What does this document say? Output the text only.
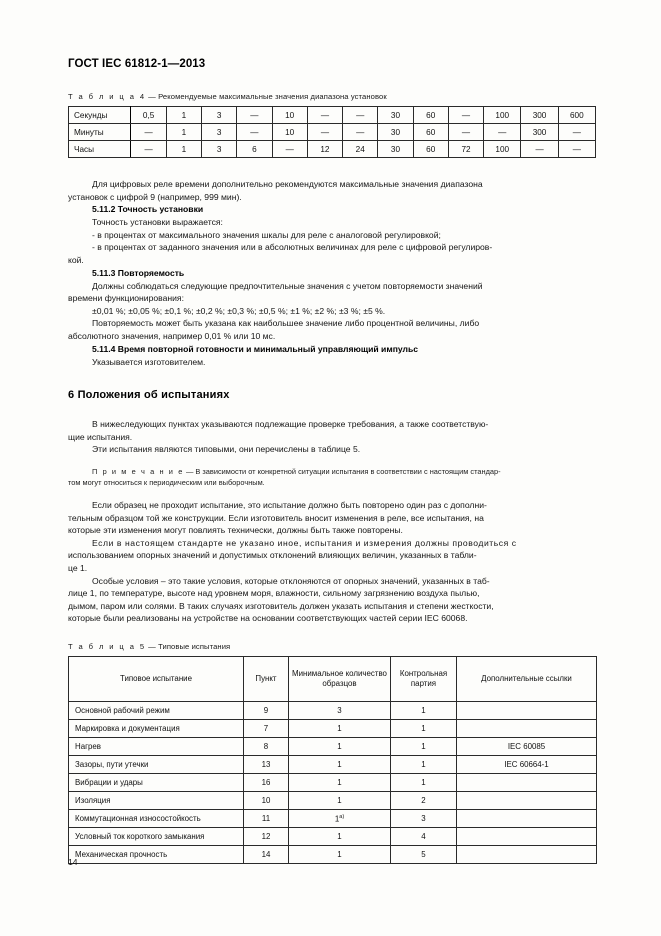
ГОСТ IEC 61812-1—2013
Т а б л и ц а 4 — Рекомендуемые максимальные значения диапазона установок
Секунды	0,5	1	3	—	10	—	—	30	60	—	100	300	600
Минуты	—	1	3	—	10	—	—	30	60	—	—	300	—
Часы	—	1	3	6	—	12	24	30	60	72	100	—	—

Для цифровых реле времени дополнительно рекомендуются максимальные значения диапазона

установок с цифрой 9 (например, 999 мин).

5.11.2 Точность установки
Точность установки выражается:
- в процентах от максимального значения шкалы для реле с аналоговой регулировкой;
- в процентах от заданного значения или в абсолютных величинах для реле с цифровой регулиров-
кой.
5.11.3 Повторяемость
Должны соблюдаться следующие предпочтительные значения с учетом повторяемости значений

времени функционирования:

±0,01 %; ±0,05 %; ±0,1 %; ±0,2 %; ±0,3 %; ±0,5 %; ±1 %; ±2 %; ±3 %; ±5 %.
Повторяемость может быть указана как наибольшее значение либо процентной величины, либо

абсолютного значения, например 0,01 % или 10 мс.

5.11.4 Время повторной готовности и минимальный управляющий импульс
Указывается изготовителем.
6 Положения об испытаниях

В нижеследующих пунктах указываются подлежащие проверке требования, а также соответствую-

щие испытания.

Эти испытания являются типовыми, они перечислены в таблице 5.

П р и м е ч а н и е — В зависимости от конкретной ситуации испытания в соответствии с настоящим стандар-
том могут относиться к периодическим или выборочным.

Если образец не проходит испытание, это испытание должно быть повторено один раз с дополни-

тельным образцом той же конструкции. Если изготовитель вносит изменения в реле, все испытания, на

которые эти изменения могут повлиять технически, должны быть также повторены.

Если в настоящем стандарте не указано иное, испытания и измерения должны проводиться с

использованием опорных значений и допустимых отклонений влияющих величин, указанных в табли-

це 1.

Особые условия – это такие условия, которые отклоняются от опорных значений, указанных в таб-

лице 1, по температуре, высоте над уровнем моря, влажности, сильному загрязнению воздуха пылью,

дымом, паром или солями. В таких случаях изготовитель должен указать испытания и степени жесткости,

которые были реализованы на устройстве на основании соответствующих частей серии IEC 60068.

Т а б л и ц а 5 — Типовые испытания
Типовое испытание	Пункт	Минимальное количество образцов	Контрольная партия	Дополнительные ссылки
Основной рабочий режим	9	3	1	
Маркировка и документация	7	1	1	
Нагрев	8	1	1	IEC 60085
Зазоры, пути утечки	13	1	1	IEC 60664-1
Вибрации и удары	16	1	1	
Изоляция	10	1	2	
Коммутационная износостойкость	11	1$^{a)}$	3	
Условный ток короткого замыкания	12	1	4	
Механическая прочность	14	1	5	
14
